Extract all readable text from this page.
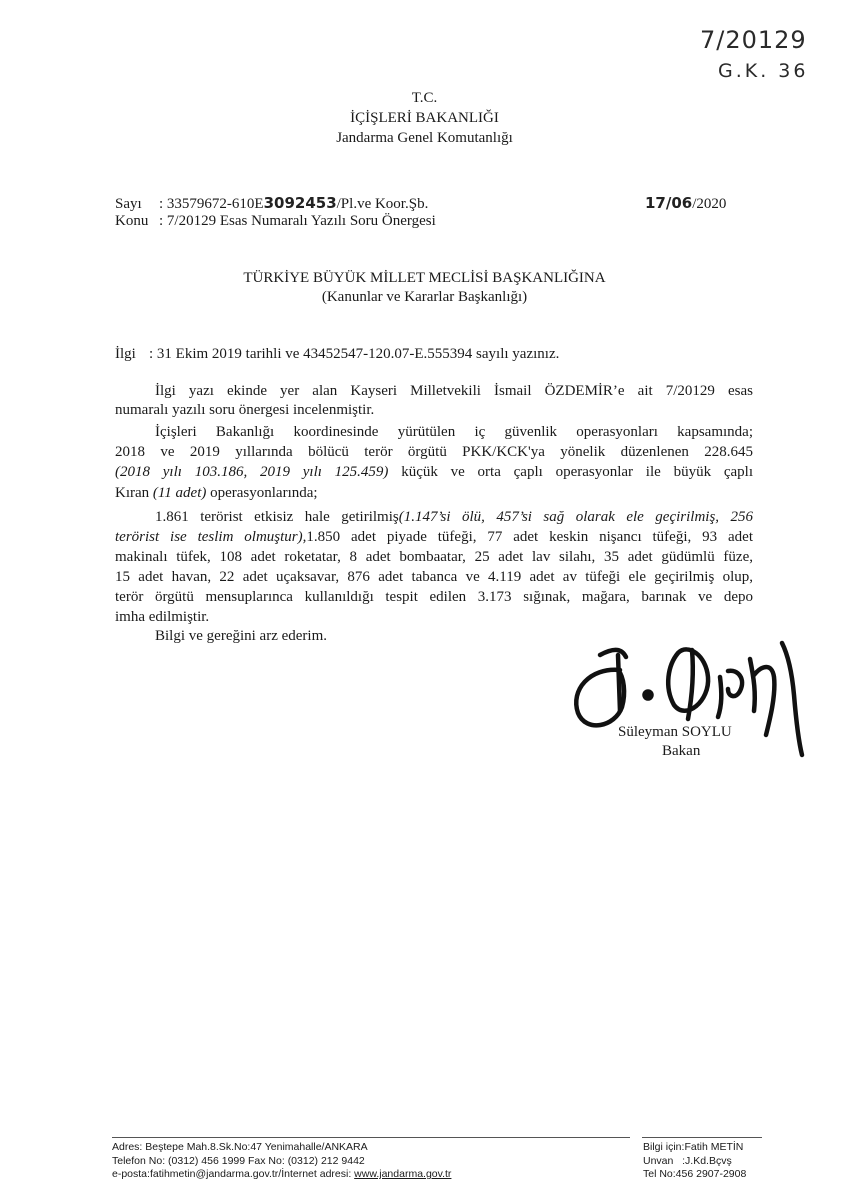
7/20129
G.K. 36
T.C.
İÇİŞLERİ BAKANLIĞI
Jandarma Genel Komutanlığı
Sayı : 33579672-610E3092453/Pl.ve Koor.Şb.
Konu : 7/20129 Esas Numaralı Yazılı Soru Önergesi
17/06/2020
TÜRKİYE BÜYÜK MİLLET MECLİSİ BAŞKANLIĞINA
(Kanunlar ve Kararlar Başkanlığı)
İlgi : 31 Ekim 2019 tarihli ve 43452547-120.07-E.555394 sayılı yazınız.
İlgi yazı ekinde yer alan Kayseri Milletvekili İsmail ÖZDEMİR’e ait 7/20129 esas
numaralı yazılı soru önergesi incelenmiştir.
İçişleri Bakanlığı koordinesinde yürütülen iç güvenlik operasyonları kapsamında;
2018 ve 2019 yıllarında bölücü terör örgütü PKK/KCK'ya yönelik düzenlenen 228.645
(2018 yılı 103.186, 2019 yılı 125.459) küçük ve orta çaplı operasyonlar ile büyük çaplı
Kıran (11 adet) operasyonlarında;
1.861 terörist etkisiz hale getirilmiş(1.147’si ölü, 457’si sağ olarak ele geçirilmiş, 256
terörist ise teslim olmuştur),1.850 adet piyade tüfeği, 77 adet keskin nişancı tüfeği, 93 adet
makinalı tüfek, 108 adet roketatar, 8 adet bombaatar, 25 adet lav silahı, 35 adet güdümlü füze,
15 adet havan, 22 adet uçaksavar, 876 adet tabanca ve 4.119 adet av tüfeği ele geçirilmiş olup,
terör örgütü mensuplarınca kullanıldığı tespit edilen 3.173 sığınak, mağara, barınak ve depo
imha edilmiştir.
Bilgi ve gereğini arz ederim.
Süleyman SOYLU
Bakan
Adres: Beştepe Mah.8.Sk.No:47 Yenimahalle/ANKARA
Telefon No: (0312) 456 1999 Fax No: (0312) 212 9442
e-posta:fatihmetin@jandarma.gov.tr/İnternet adresi: www.jandarma.gov.tr
Bilgi için:Fatih METİN
Unvan   :J.Kd.Bçvş
Tel No:456 2907-2908
